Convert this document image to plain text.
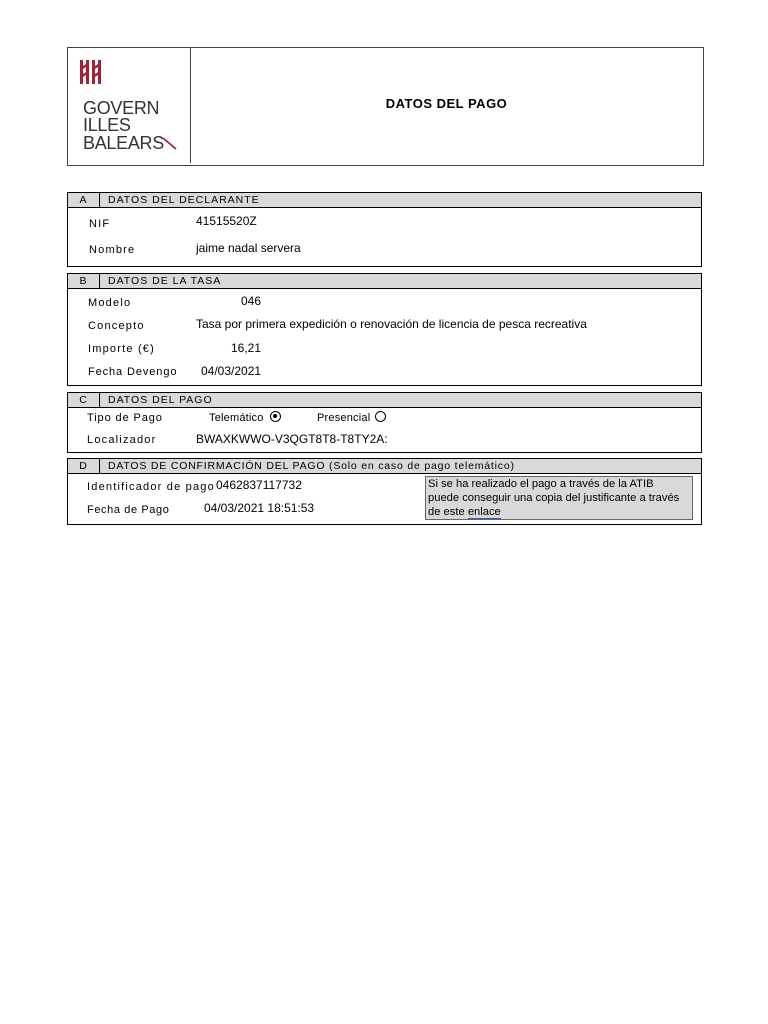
GOVERN
ILLES
BALEARS
DATOS DEL PAGO
A	DATOS DEL DECLARANTE
NIF	41515520Z
Nombre	jaime nadal servera
B	DATOS DE LA TASA
Modelo	046
Concepto	Tasa por primera expedición o renovación de licencia de pesca recreativa
Importe (€)	16,21
Fecha Devengo 04/03/2021
C	DATOS DEL PAGO
Tipo de Pago	Telemático	Presencial
Localizador	BWAXKWWO-V3QGT8T8-T8TY2A:
D	DATOS DE CONFIRMACIÓN DEL PAGO (Solo en caso de pago telemático)
Identificador de pago 0462837117732
Fecha de Pago	04/03/2021 18:51:53
Si se ha realizado el pago a través de la ATIB
puede conseguir una copia del justificante a través
de este enlace
